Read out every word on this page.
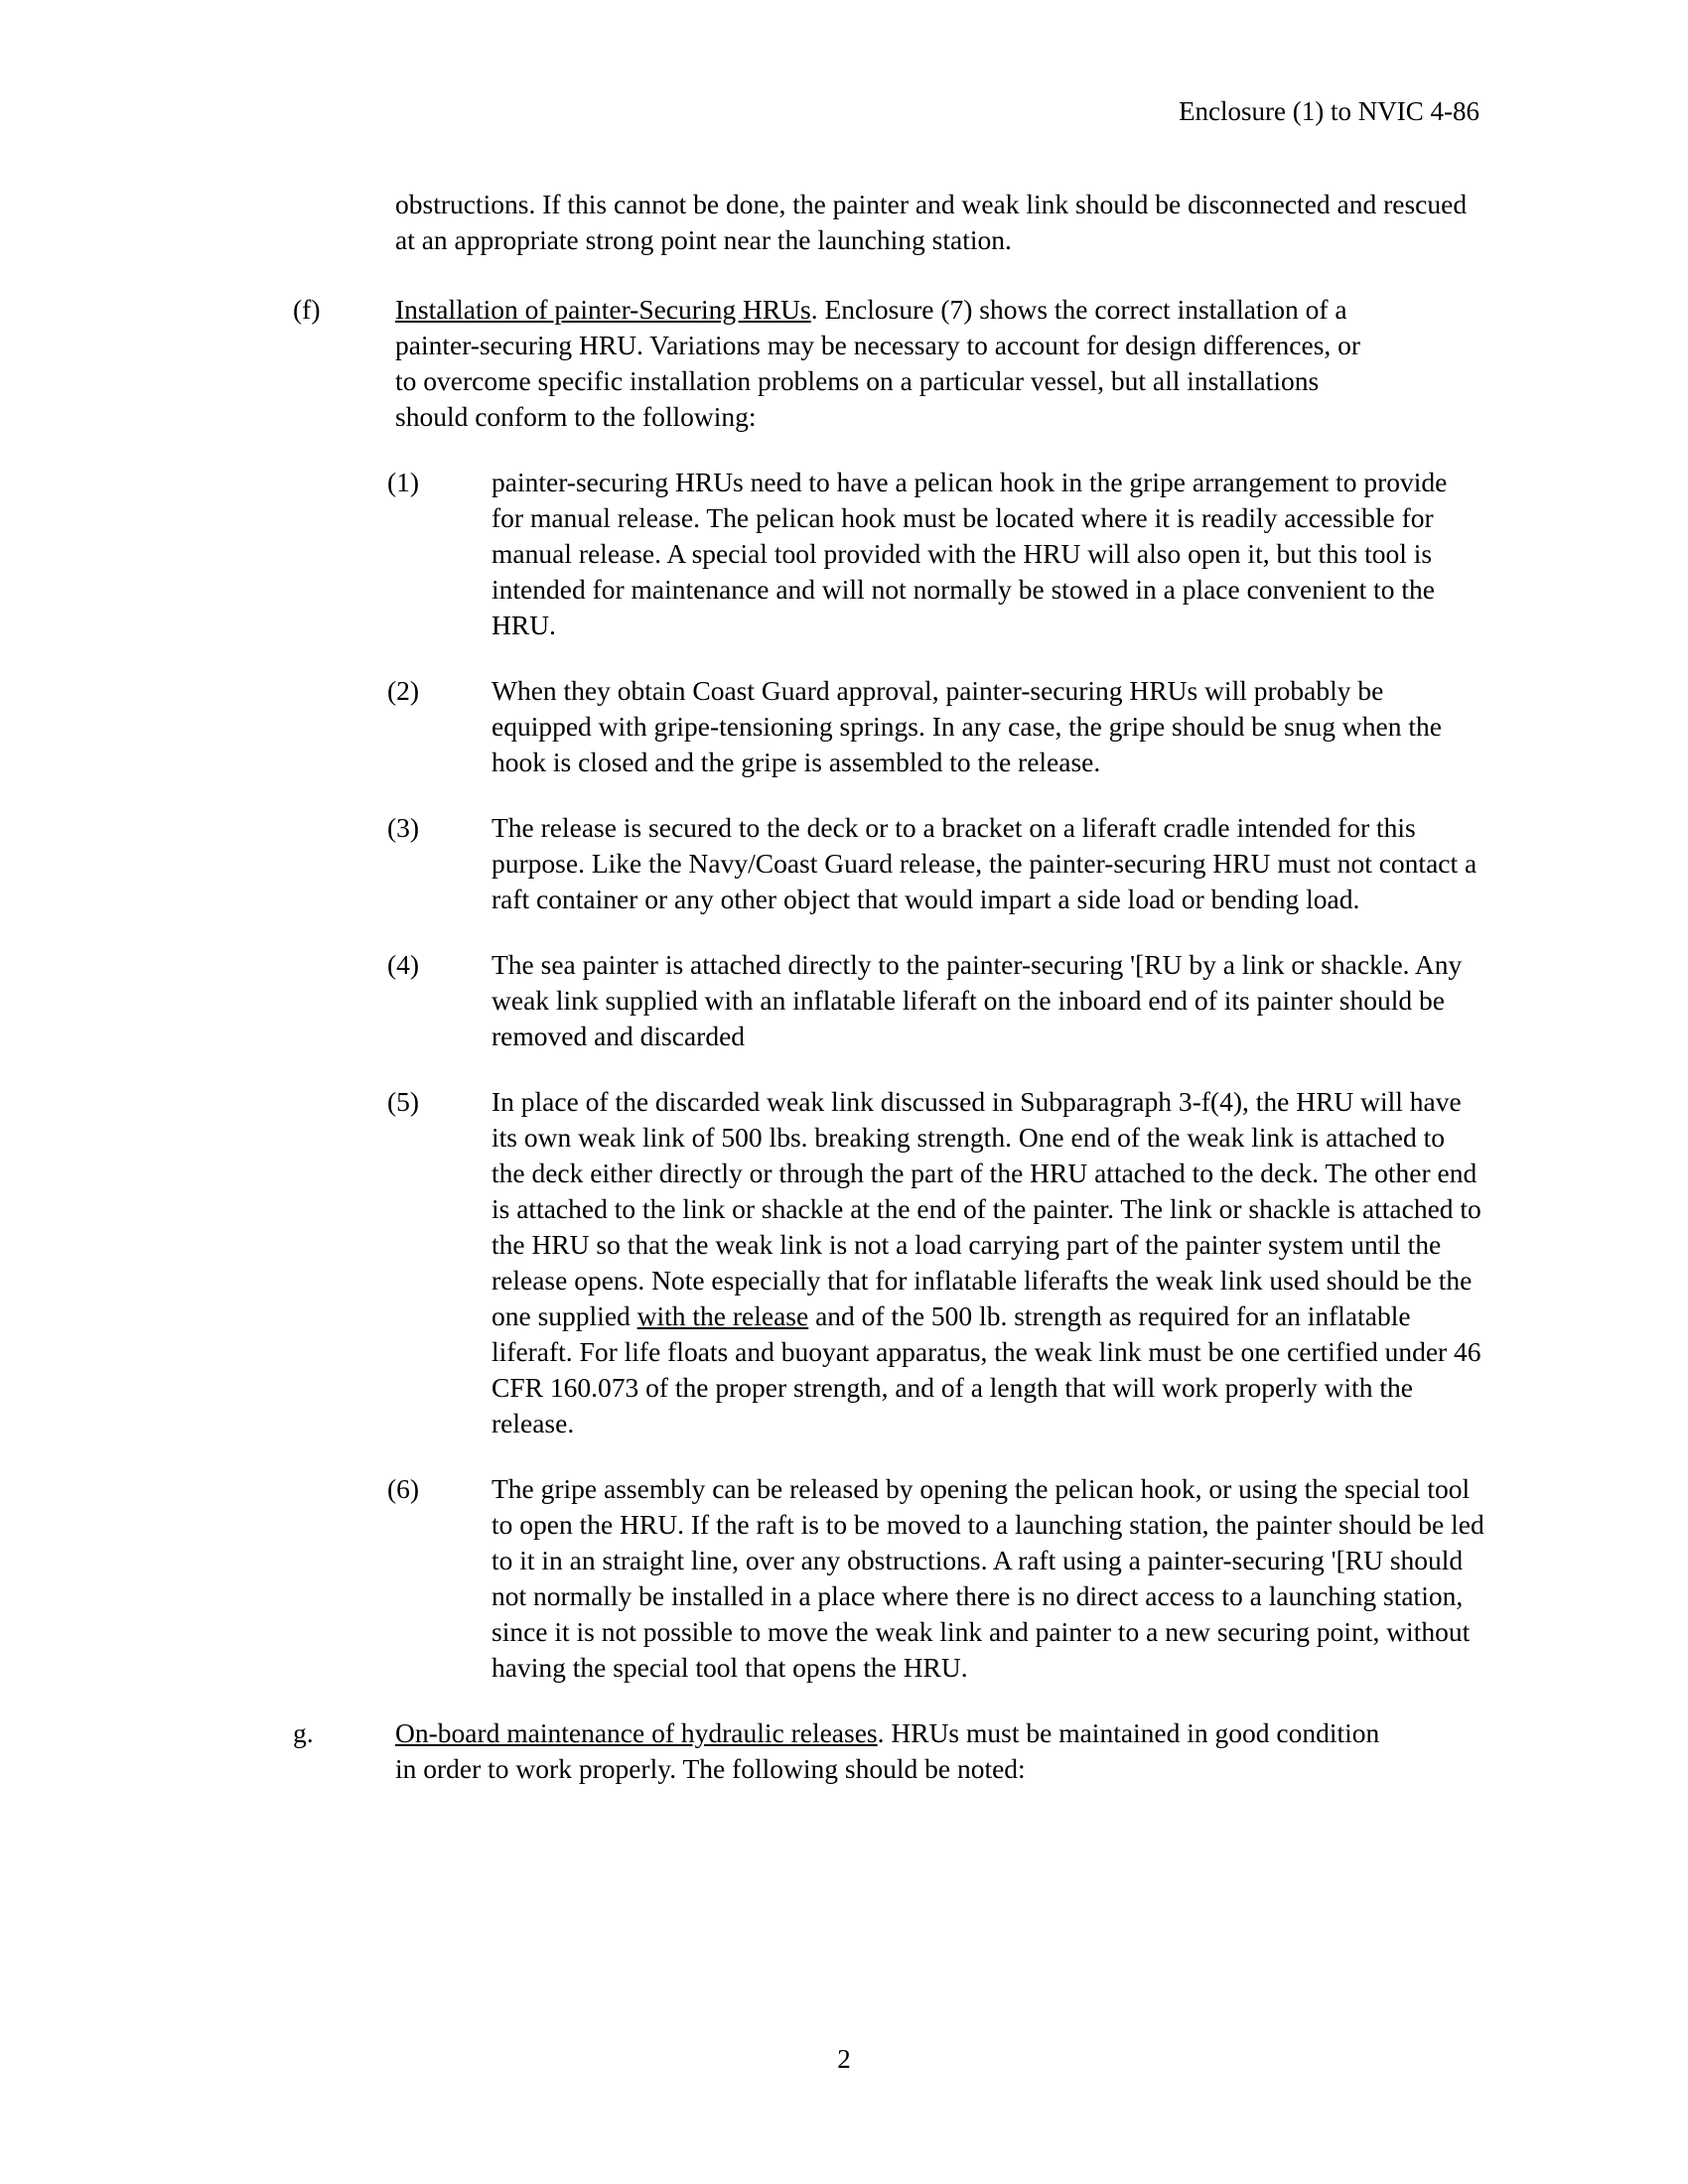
Enclosure (1) to NVIC 4-86
obstructions. If this cannot be done, the painter and weak link should be disconnected and rescued at an appropriate strong point near the launching station.
(f)	Installation of painter-Securing HRUs. Enclosure (7) shows the correct installation of a painter-securing HRU. Variations may be necessary to account for design differences, or to overcome specific installation problems on a particular vessel, but all installations should conform to the following:
(1)	painter-securing HRUs need to have a pelican hook in the gripe arrangement to provide for manual release. The pelican hook must be located where it is readily accessible for manual release. A special tool provided with the HRU will also open it, but this tool is intended for maintenance and will not normally be stowed in a place convenient to the HRU.
(2)	When they obtain Coast Guard approval, painter-securing HRUs will probably be equipped with gripe-tensioning springs. In any case, the gripe should be snug when the hook is closed and the gripe is assembled to the release.
(3)	The release is secured to the deck or to a bracket on a liferaft cradle intended for this purpose. Like the Navy/Coast Guard release, the painter-securing HRU must not contact a raft container or any other object that would impart a side load or bending load.
(4)	The sea painter is attached directly to the painter-securing '[RU by a link or shackle. Any weak link supplied with an inflatable liferaft on the inboard end of its painter should be removed and discarded
(5)	In place of the discarded weak link discussed in Subparagraph 3-f(4), the HRU will have its own weak link of 500 lbs. breaking strength. One end of the weak link is attached to the deck either directly or through the part of the HRU attached to the deck. The other end is attached to the link or shackle at the end of the painter. The link or shackle is attached to the HRU so that the weak link is not a load carrying part of the painter system until the release opens. Note especially that for inflatable liferafts the weak link used should be the one supplied with the release and of the 500 lb. strength as required for an inflatable liferaft. For life floats and buoyant apparatus, the weak link must be one certified under 46 CFR 160.073 of the proper strength, and of a length that will work properly with the release.
(6)	The gripe assembly can be released by opening the pelican hook, or using the special tool to open the HRU. If the raft is to be moved to a launching station, the painter should be led to it in an straight line, over any obstructions. A raft using a painter-securing '[RU should not normally be installed in a place where there is no direct access to a launching station, since it is not possible to move the weak link and painter to a new securing point, without having the special tool that opens the HRU.
g.	On-board maintenance of hydraulic releases. HRUs must be maintained in good condition in order to work properly. The following should be noted:
2
